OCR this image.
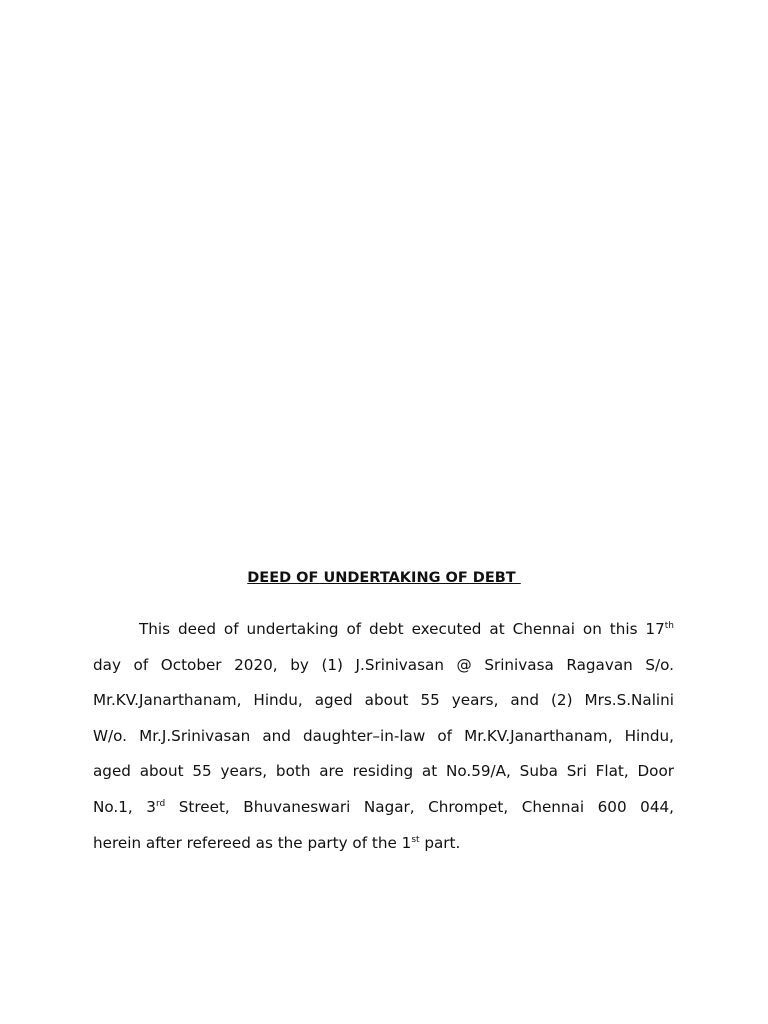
DEED OF UNDERTAKING OF DEBT
This deed of undertaking of debt executed at Chennai on this 17th
day of October 2020, by (1) J.Srinivasan @ Srinivasa Ragavan S/o.
Mr.KV.Janarthanam, Hindu, aged about 55 years, and (2) Mrs.S.Nalini
W/o. Mr.J.Srinivasan and daughter–in-law of Mr.KV.Janarthanam, Hindu,
aged about 55 years, both are residing at No.59/A, Suba Sri Flat, Door
No.1, 3rd Street, Bhuvaneswari Nagar, Chrompet, Chennai 600 044,
herein after refereed as the party of the 1st part.
